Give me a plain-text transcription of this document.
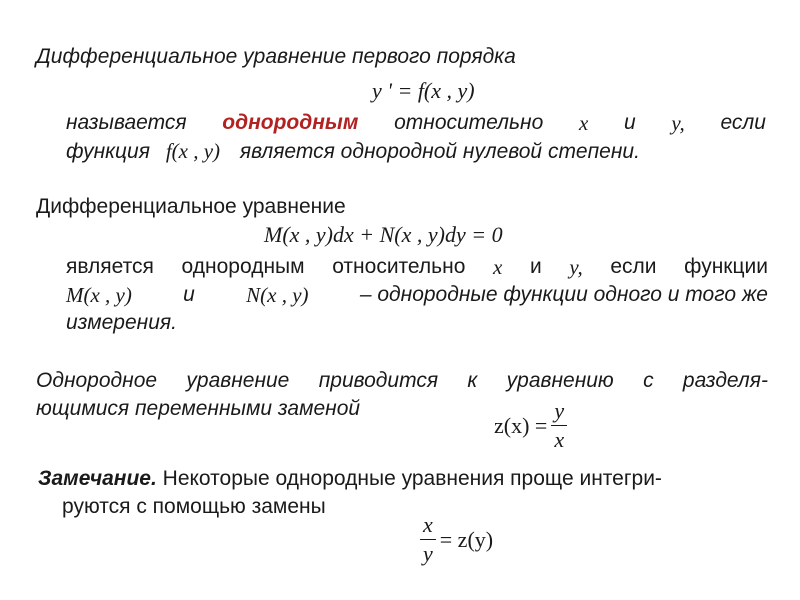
Дифференциальное уравнение первого порядка
y ' = f(x , y)
называется однородным относительно x и y, если
функция f(x , y) является однородной нулевой степени.
Дифференциальное уравнение
M(x , y)dx + N(x , y)dy = 0
является однородным относительно x и y, если функции
M(x , y) и N(x , y) – однородные функции одного и того же
измерения.
Однородное уравнение приводится к уравнению с разделя-
ющимися переменными заменой
$z(x) = \frac{y}{x}$
Замечание. Некоторые однородные уравнения проще интегри-
руются с помощью замены
$\frac{x}{y} = z(y)$
